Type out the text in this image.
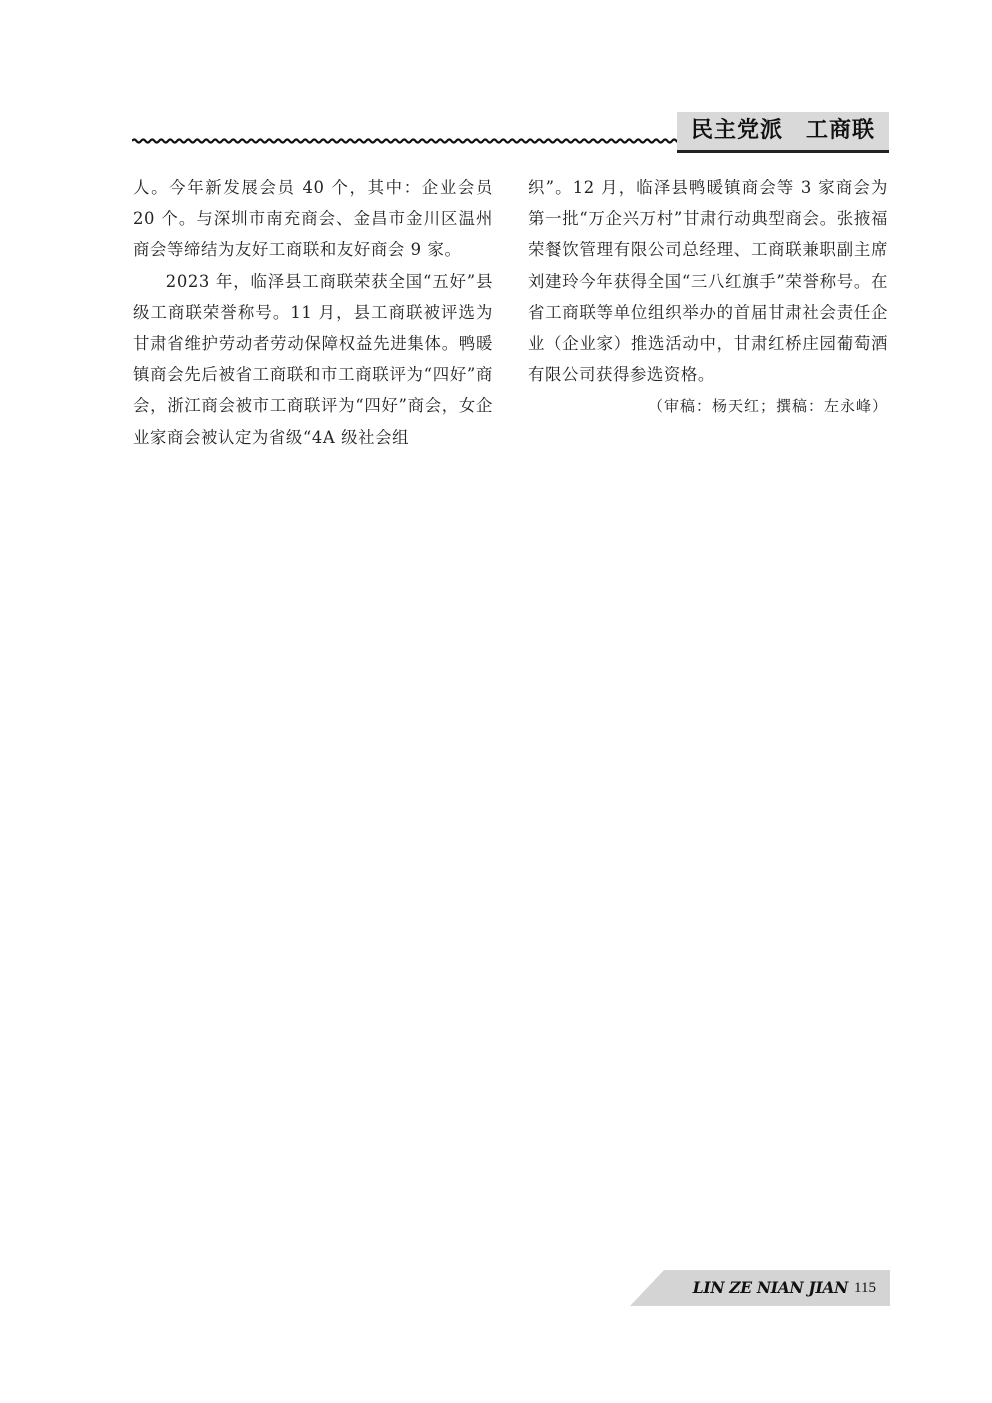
民主党派　工商联

人。今年新发展会员 40 个，其中：企业会员 20 个。与深圳市南充商会、金昌市金川区温州商会等缔结为友好工商联和友好商会 9 家。

2023 年，临泽县工商联荣获全国“五好”县级工商联荣誉称号。11 月，县工商联被评选为甘肃省维护劳动者劳动保障权益先进集体。鸭暖镇商会先后被省工商联和市工商联评为“四好”商会，浙江商会被市工商联评为“四好”商会，女企业家商会被认定为省级“4A 级社会组

织”。12 月，临泽县鸭暖镇商会等 3 家商会为第一批“万企兴万村”甘肃行动典型商会。张掖福荣餐饮管理有限公司总经理、工商联兼职副主席刘建玲今年获得全国“三八红旗手”荣誉称号。在省工商联等单位组织举办的首届甘肃社会责任企业（企业家）推选活动中，甘肃红桥庄园葡萄酒有限公司获得参选资格。

（审稿：杨天红；撰稿：左永峰）
LIN ZE NIAN JIAN 115
